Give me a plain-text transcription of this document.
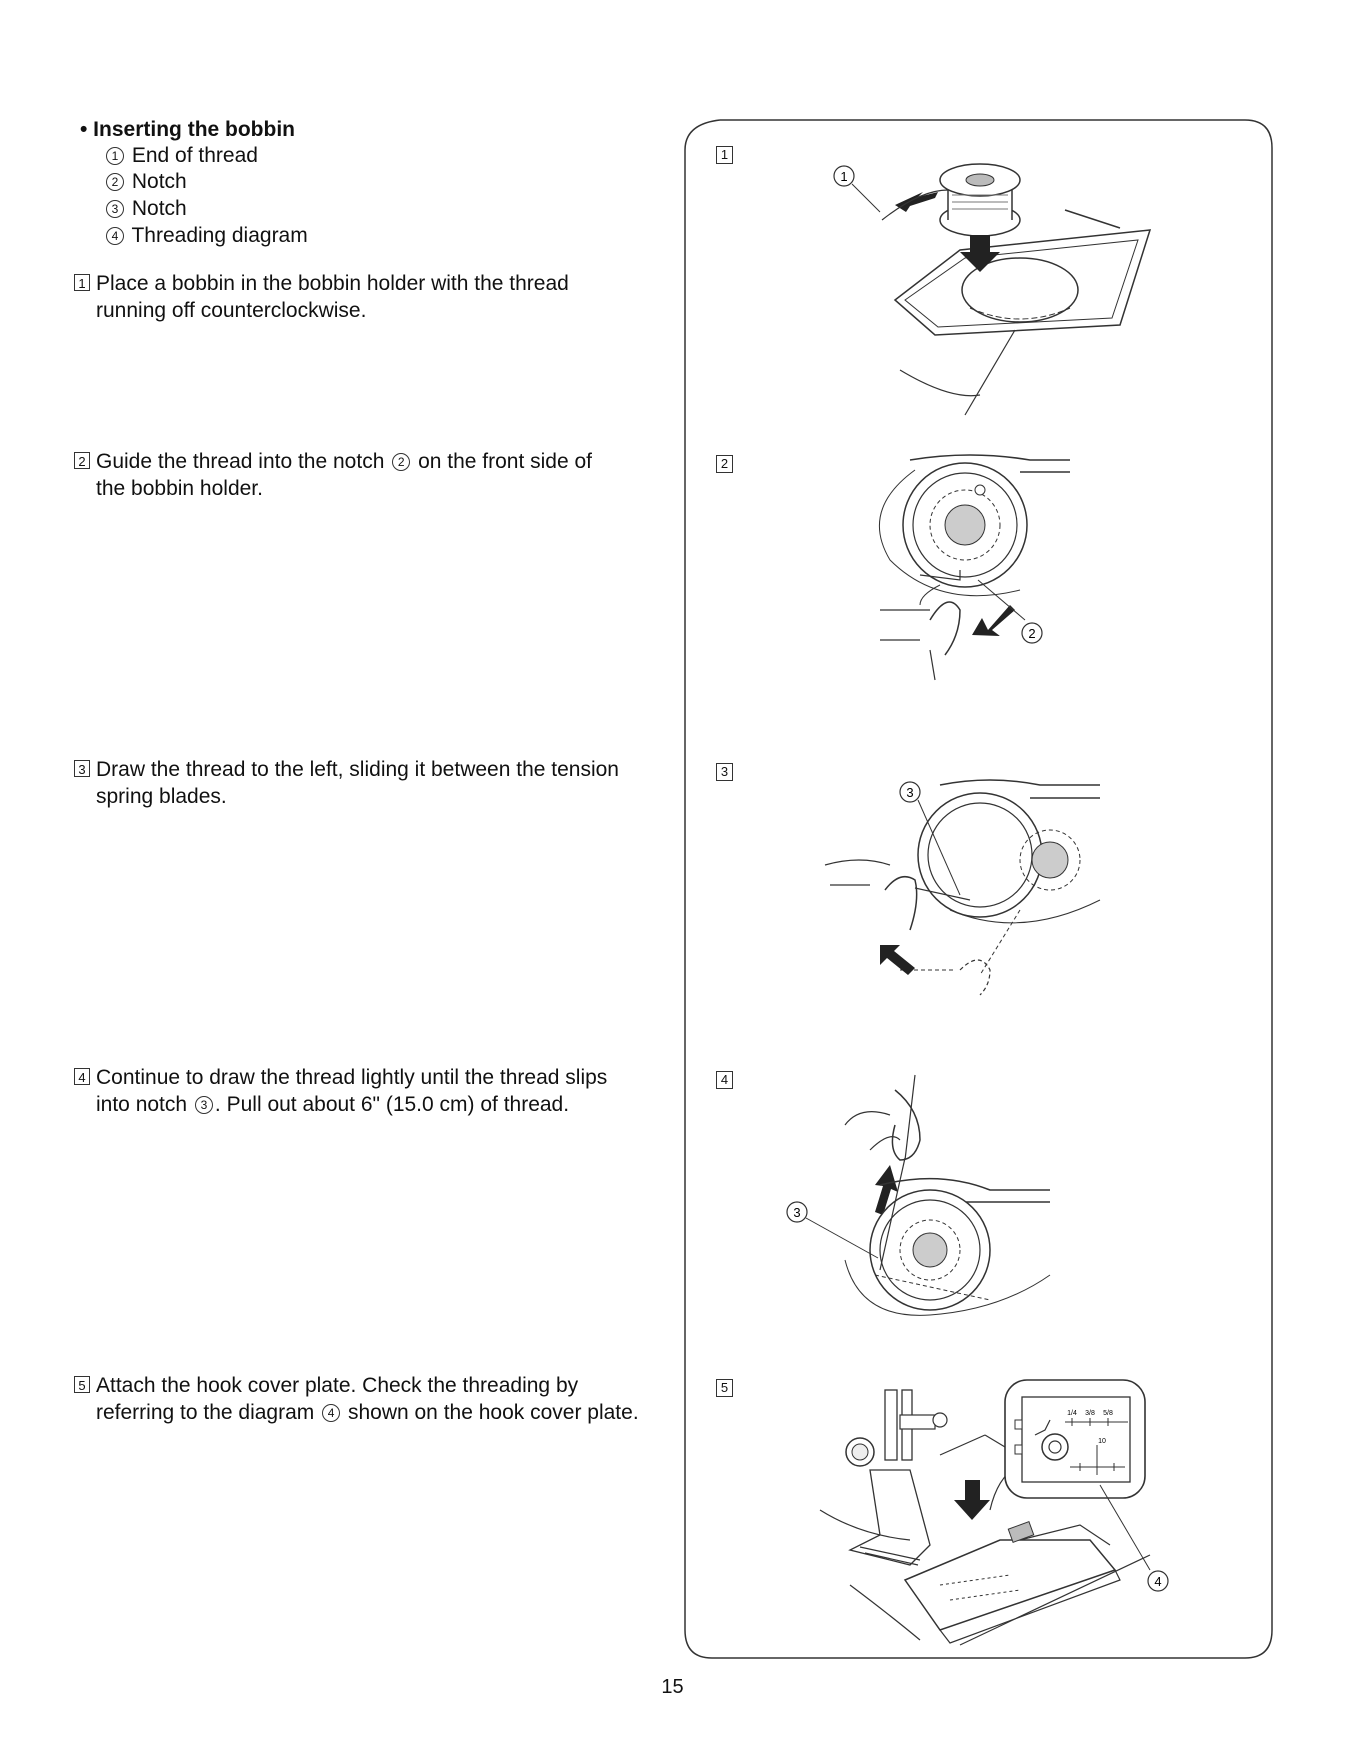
• Inserting the bobbin
1 End of thread
2 Notch
3 Notch
4 Threading diagram
1 Place a bobbin in the bobbin holder with the thread
running off counterclockwise.
2 Guide the thread into the notch 2 on the front side of
the bobbin holder.
3 Draw the thread to the left, sliding it between the tension
spring blades.
4 Continue to draw the thread lightly until the thread slips
into notch 3 . Pull out about 6" (15.0 cm) of thread.
5 Attach the hook cover plate. Check the threading by
referring to the diagram 4 shown on the hook cover plate.
1
2
3
4
5
1
2
3
3
1/4 3/8 5/8
10
4
15
